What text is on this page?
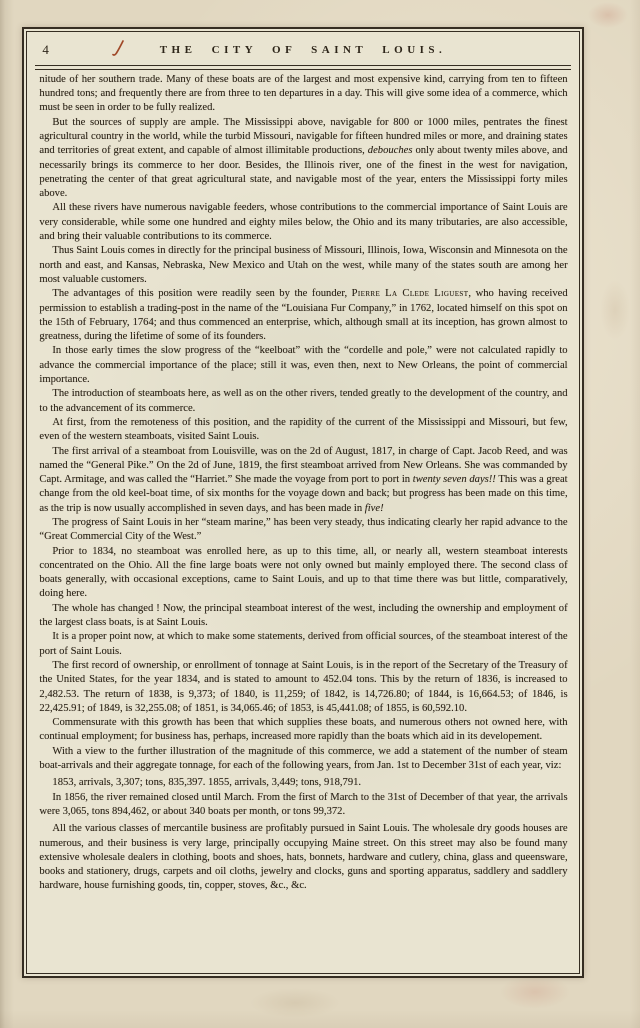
4	THE CITY OF SAINT LOUIS.

nitude of her southern trade. Many of these boats are of the largest and most expensive kind, carrying from ten to fifteen hundred tons; and frequently there are from three to ten departures in a day. This will give some idea of a commerce, which must be seen in order to be fully realized.

But the sources of supply are ample. The Mississippi above, navigable for 800 or 1000 miles, pentrates the finest agricultural country in the world, while the turbid Missouri, navigable for fifteen hundred miles or more, and draining states and territories of great extent, and capable of almost illimitable productions, debouches only about twenty miles above, and necessarily brings its commerce to her door. Besides, the Illinois river, one of the finest in the west for navigation, penetrating the center of that great agricultural state, and navigable most of the year, enters the Mississippi forty miles above.

All these rivers have numerous navigable feeders, whose contributions to the commercial importance of Saint Louis are very considerable, while some one hundred and eighty miles below, the Ohio and its many tributaries, are also accessible, and bring their valuable contributions to its commerce.

Thus Saint Louis comes in directly for the principal business of Missouri, Illinois, Iowa, Wisconsin and Minnesota on the north and east, and Kansas, Nebraska, New Mexico and Utah on the west, while many of the states south are among her most valuable customers.

The advantages of this position were readily seen by the founder, Pierre La Clede Liguest, who having received permission to establish a trading-post in the name of the “Louisiana Fur Company,” in 1762, located himself on this spot on the 15th of February, 1764; and thus commenced an enterprise, which, although small at its inception, has grown almost to greatness, during the lifetime of some of its founders.

In those early times the slow progress of the “keelboat” with the “cordelle and pole,” were not calculated rapidly to advance the commercial importance of the place; still it was, even then, next to New Orleans, the point of commercial importance.

The introduction of steamboats here, as well as on the other rivers, tended greatly to the development of the country, and to the advancement of its commerce.

At first, from the remoteness of this position, and the rapidity of the current of the Mississippi and Missouri, but few, even of the western steamboats, visited Saint Louis.

The first arrival of a steamboat from Louisville, was on the 2d of August, 1817, in charge of Capt. Jacob Reed, and was named the “General Pike.” On the 2d of June, 1819, the first steamboat arrived from New Orleans. She was commanded by Capt. Armitage, and was called the “Harriet.” She made the voyage from port to port in twenty seven days!! This was a great change from the old keel-boat time, of six months for the voyage down and back; but progress has been made on this time, as the trip is now usually accomplished in seven days, and has been made in five!

The progress of Saint Louis in her “steam marine,” has been very steady, thus indicating clearly her rapid advance to the “Great Commercial City of the West.”

Prior to 1834, no steamboat was enrolled here, as up to this time, all, or nearly all, western steamboat interests concentrated on the Ohio. All the fine large boats were not only owned but mainly employed there. The second class of boats generally, with occasional exceptions, came to Saint Louis, and up to that time there was but little, comparatively, doing here.

The whole has changed ! Now, the principal steamboat interest of the west, including the ownership and employment of the largest class boats, is at Saint Louis.

It is a proper point now, at which to make some statements, derived from official sources, of the steamboat interest of the port of Saint Louis.

The first record of ownership, or enrollment of tonnage at Saint Louis, is in the report of the Secretary of the Treasury of the United States, for the year 1834, and is stated to amount to 452.04 tons. This by the return of 1836, is increased to 2,482.53. The return of 1838, is 9,373; of 1840, is 11,259; of 1842, is 14,726.80; of 1844, is 16,664.53; of 1846, is 22,425.91; of 1849, is 32,255.08; of 1851, is 34,065.46; of 1853, is 45,441.08; of 1855, is 60,592.10.

Commensurate with this growth has been that which supplies these boats, and numerous others not owned here, with continual employment; for business has, perhaps, increased more rapidly than the boats which aid in its developement.

With a view to the further illustration of the magnitude of this commerce, we add a statement of the number of steam boat-arrivals and their aggregate tonnage, for each of the following years, from Jan. 1st to December 31st of each year, viz:

1853, arrivals, 3,307; tons, 835,397. 1855, arrivals, 3,449; tons, 918,791.

In 1856, the river remained closed until March. From the first of March to the 31st of December of that year, the arrivals were 3,065, tons 894,462, or about 340 boats per month, or tons 99,372.

All the various classes of mercantile business are profitably pursued in Saint Louis. The wholesale dry goods houses are numerous, and their business is very large, principally occupying Maine street. On this street may also be found many extensive wholesale dealers in clothing, boots and shoes, hats, bonnets, hardware and cutlery, china, glass and queensware, books and stationery, drugs, carpets and oil cloths, jewelry and clocks, guns and sporting apparatus, saddlery and saddlery hardware, house furnishing goods, tin, copper, stoves, &c., &c.
